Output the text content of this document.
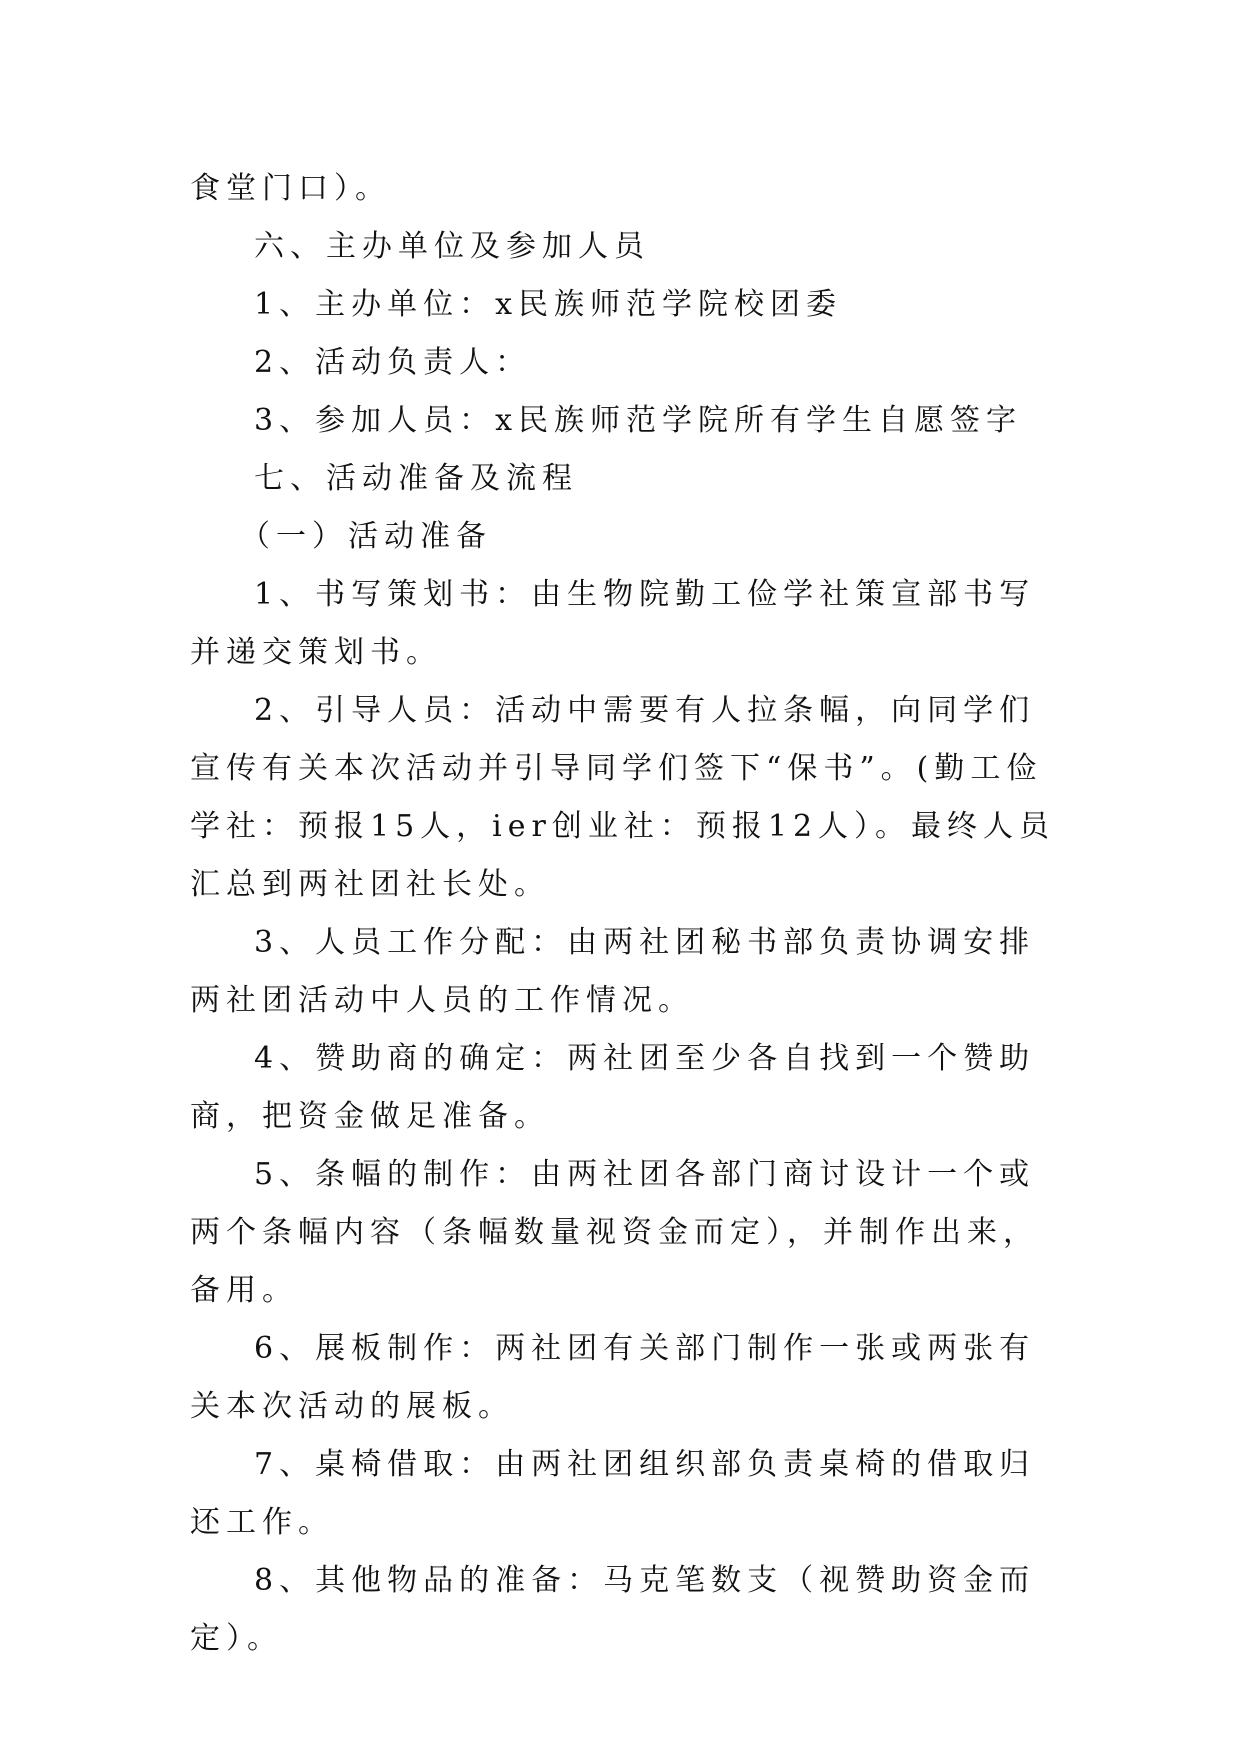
食堂门口）。

六、主办单位及参加人员

1、主办单位：x民族师范学院校团委

2、活动负责人：

3、参加人员：x民族师范学院所有学生自愿签字

七、活动准备及流程

（一）活动准备

1、书写策划书：由生物院勤工俭学社策宣部书写并递交策划书。

2、引导人员：活动中需要有人拉条幅，向同学们宣传有关本次活动并引导同学们签下“保书”。(勤工俭学社：预报15人，ier创业社：预报12人）。最终人员汇总到两社团社长处。

3、人员工作分配：由两社团秘书部负责协调安排两社团活动中人员的工作情况。

4、赞助商的确定：两社团至少各自找到一个赞助商，把资金做足准备。

5、条幅的制作：由两社团各部门商讨设计一个或两个条幅内容（条幅数量视资金而定），并制作出来，备用。

6、展板制作：两社团有关部门制作一张或两张有关本次活动的展板。

7、桌椅借取：由两社团组织部负责桌椅的借取归还工作。

8、其他物品的准备：马克笔数支（视赞助资金而定）。
